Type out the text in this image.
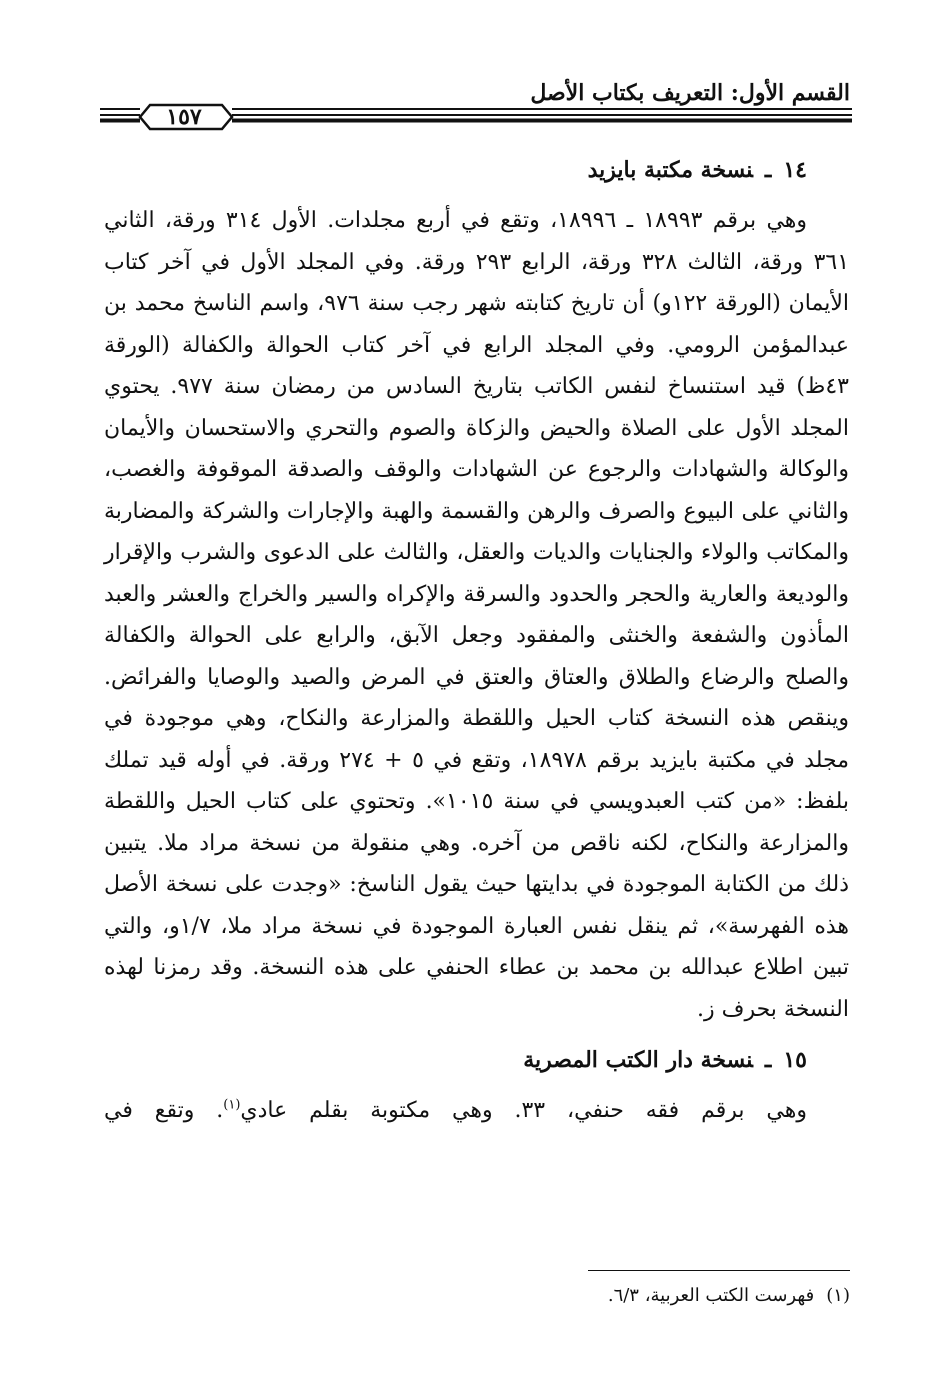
القسم الأول: التعريف بكتاب الأصل
١٥٧
١٤ـنسخة مكتبة بايزيد

وهي برقم ١٨٩٩٣ ـ ١٨٩٩٦، وتقع في أربع مجلدات. الأول ٣١٤ ورقة، الثاني ٣٦١ ورقة، الثالث ٣٢٨ ورقة، الرابع ٢٩٣ ورقة. وفي المجلد الأول في آخر كتاب الأيمان (الورقة ١٢٢و) أن تاريخ كتابته شهر رجب سنة ٩٧٦، واسم الناسخ محمد بن عبدالمؤمن الرومي. وفي المجلد الرابع في آخر كتاب الحوالة والكفالة (الورقة ٤٣ظ) قيد استنساخ لنفس الكاتب بتاريخ السادس من رمضان سنة ٩٧٧. يحتوي المجلد الأول على الصلاة والحيض والزكاة والصوم والتحري والاستحسان والأيمان والوكالة والشهادات والرجوع عن الشهادات والوقف والصدقة الموقوفة والغصب، والثاني على البيوع والصرف والرهن والقسمة والهبة والإجارات والشركة والمضاربة والمكاتب والولاء والجنايات والديات والعقل، والثالث على الدعوى والشرب والإقرار والوديعة والعارية والحجر والحدود والسرقة والإكراه والسير والخراج والعشر والعبد المأذون والشفعة والخنثى والمفقود وجعل الآبق، والرابع على الحوالة والكفالة والصلح والرضاع والطلاق والعتاق والعتق في المرض والصيد والوصايا والفرائض. وينقص هذه النسخة كتاب الحيل واللقطة والمزارعة والنكاح، وهي موجودة في مجلد في مكتبة بايزيد برقم ١٨٩٧٨، وتقع في ٥ + ٢٧٤ ورقة. في أوله قيد تملك بلفظ: «من كتب العبدويسي في سنة ١٠١٥». وتحتوي على كتاب الحيل واللقطة والمزارعة والنكاح، لكنه ناقص من آخره. وهي منقولة من نسخة مراد ملا. يتبين ذلك من الكتابة الموجودة في بدايتها حيث يقول الناسخ: «وجدت على نسخة الأصل هذه الفهرسة»، ثم ينقل نفس العبارة الموجودة في نسخة مراد ملا، ١/٧و، والتي تبين اطلاع عبدالله بن محمد بن عطاء الحنفي على هذه النسخة. وقد رمزنا لهذه النسخة بحرف ز.

١٥ـنسخة دار الكتب المصرية

وهي برقم فقه حنفي، ٣٣. وهي مكتوبة بقلم عادي$^{(١)}$. وتقع في

(١)فهرست الكتب العربية، ٦/٣.
